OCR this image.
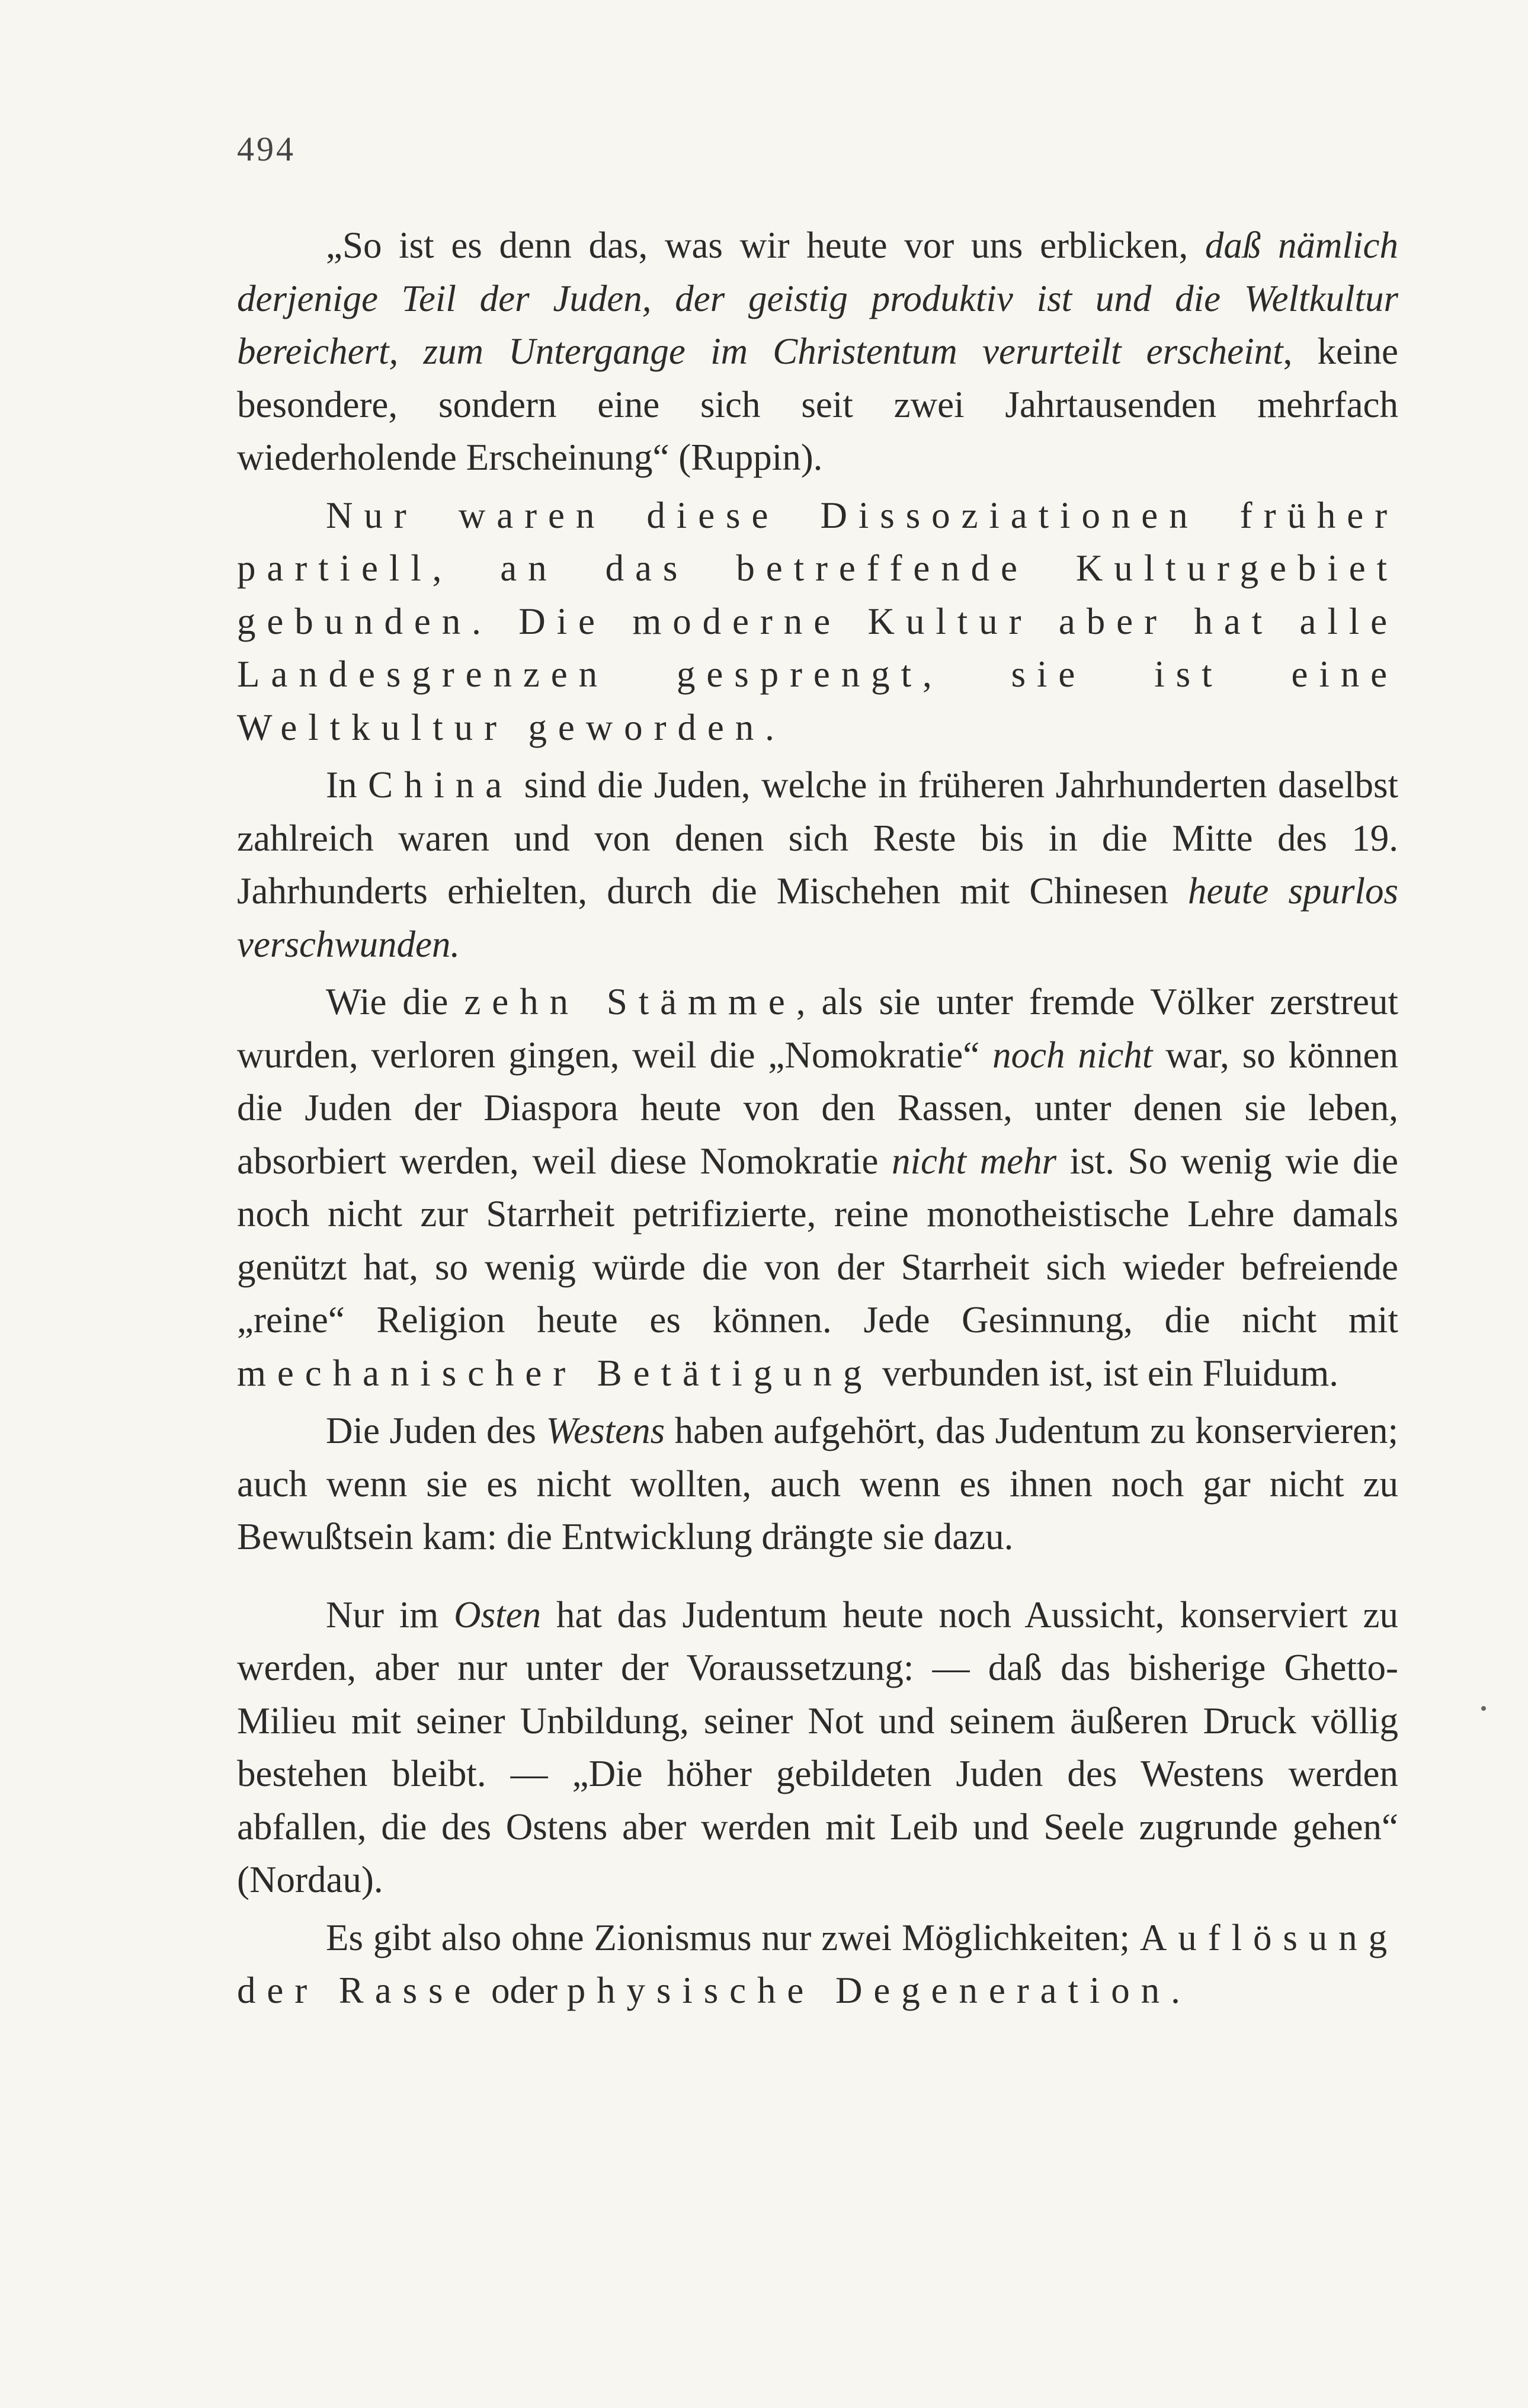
494

„So ist es denn das, was wir heute vor uns erblicken, daß nämlich derjenige Teil der Juden, der geistig produktiv ist und die Weltkultur bereichert, zum Untergange im Christentum verurteilt erscheint, keine besondere, sondern eine sich seit zwei Jahrtausenden mehrfach wiederholende Erscheinung“ (Ruppin).

Nur waren diese Dissoziationen früher partiell, an das betreffende Kulturgebiet gebunden. Die moderne Kultur aber hat alle Landesgrenzen gesprengt, sie ist eine Weltkultur geworden.

In China sind die Juden, welche in früheren Jahrhunderten daselbst zahlreich waren und von denen sich Reste bis in die Mitte des 19. Jahrhunderts erhielten, durch die Mischehen mit Chinesen heute spurlos verschwunden.

Wie die zehn Stämme, als sie unter fremde Völker zerstreut wurden, verloren gingen, weil die „Nomokratie“ noch nicht war, so können die Juden der Diaspora heute von den Rassen, unter denen sie leben, absorbiert werden, weil diese Nomokratie nicht mehr ist. So wenig wie die noch nicht zur Starrheit petrifizierte, reine monotheistische Lehre damals genützt hat, so wenig würde die von der Starrheit sich wieder befreiende „reine“ Religion heute es können. Jede Gesinnung, die nicht mit mechanischer Betätigung verbunden ist, ist ein Fluidum.

Die Juden des Westens haben aufgehört, das Judentum zu konservieren; auch wenn sie es nicht wollten, auch wenn es ihnen noch gar nicht zu Bewußtsein kam: die Entwicklung drängte sie dazu.

Nur im Osten hat das Judentum heute noch Aussicht, konserviert zu werden, aber nur unter der Voraussetzung: — daß das bisherige Ghetto-Milieu mit seiner Unbildung, seiner Not und seinem äußeren Druck völlig bestehen bleibt. — „Die höher gebildeten Juden des Westens werden abfallen, die des Ostens aber werden mit Leib und Seele zugrunde gehen“ (Nordau).

Es gibt also ohne Zionismus nur zwei Möglichkeiten; Auflösung der Rasse oder physische Degeneration.
